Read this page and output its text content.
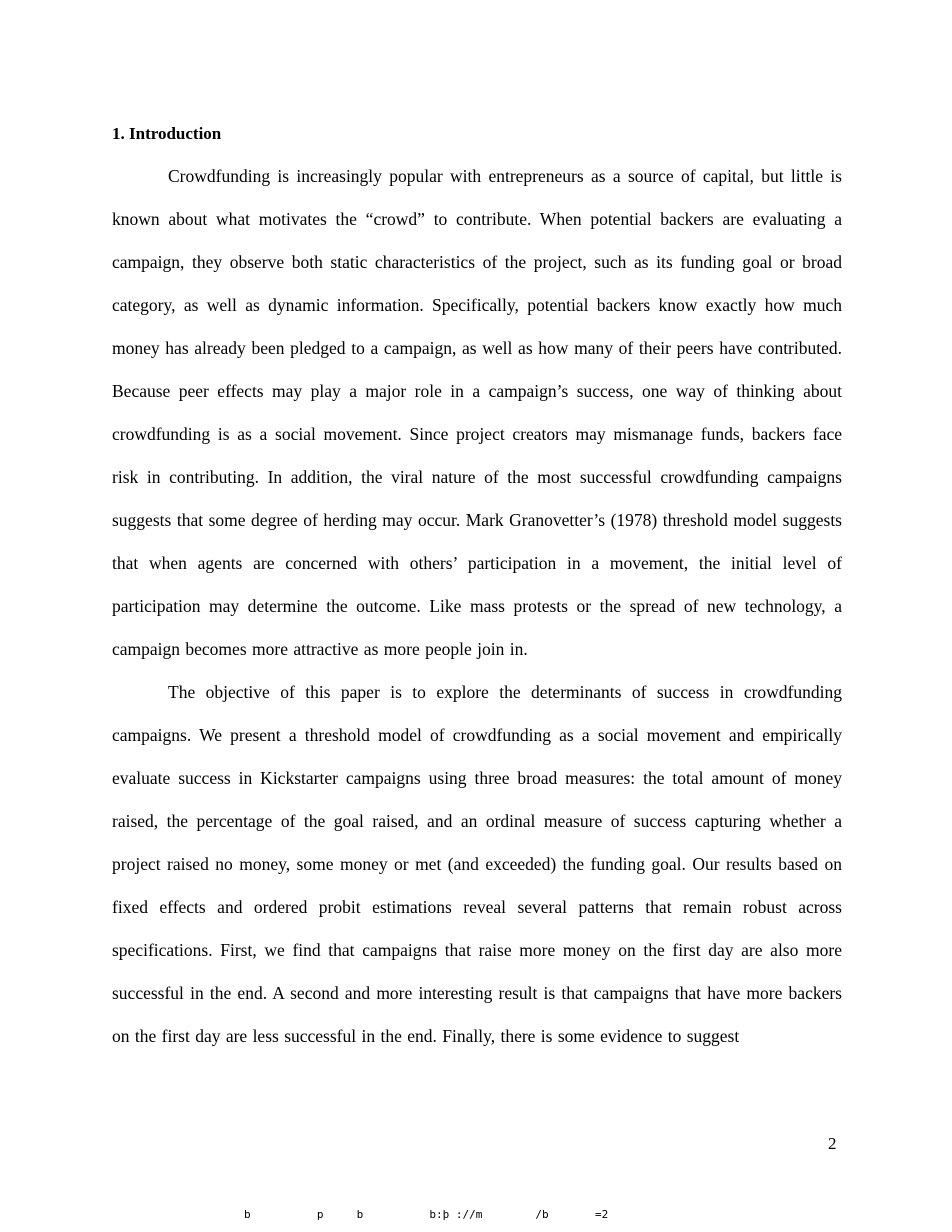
1. Introduction

Crowdfunding is increasingly popular with entrepreneurs as a source of capital, but little is known about what motivates the “crowd” to contribute. When potential backers are evaluating a campaign, they observe both static characteristics of the project, such as its funding goal or broad category, as well as dynamic information. Specifically, potential backers know exactly how much money has already been pledged to a campaign, as well as how many of their peers have contributed. Because peer effects may play a major role in a campaign’s success, one way of thinking about crowdfunding is as a social movement. Since project creators may mismanage funds, backers face risk in contributing. In addition, the viral nature of the most successful crowdfunding campaigns suggests that some degree of herding may occur. Mark Granovetter’s (1978) threshold model suggests that when agents are concerned with others’ participation in a movement, the initial level of participation may determine the outcome. Like mass protests or the spread of new technology, a campaign becomes more attractive as more people join in.

The objective of this paper is to explore the determinants of success in crowdfunding campaigns. We present a threshold model of crowdfunding as a social movement and empirically evaluate success in Kickstarter campaigns using three broad measures: the total amount of money raised, the percentage of the goal raised, and an ordinal measure of success capturing whether a project raised no money, some money or met (and exceeded) the funding goal. Our results based on fixed effects and ordered probit estimations reveal several patterns that remain robust across specifications. First, we find that campaigns that raise more money on the first day are also more successful in the end. A second and more interesting result is that campaigns that have more backers on the first day are less successful in the end. Finally, there is some evidence to suggest

2
b          p     b          b:þ ://m        /b       =2
